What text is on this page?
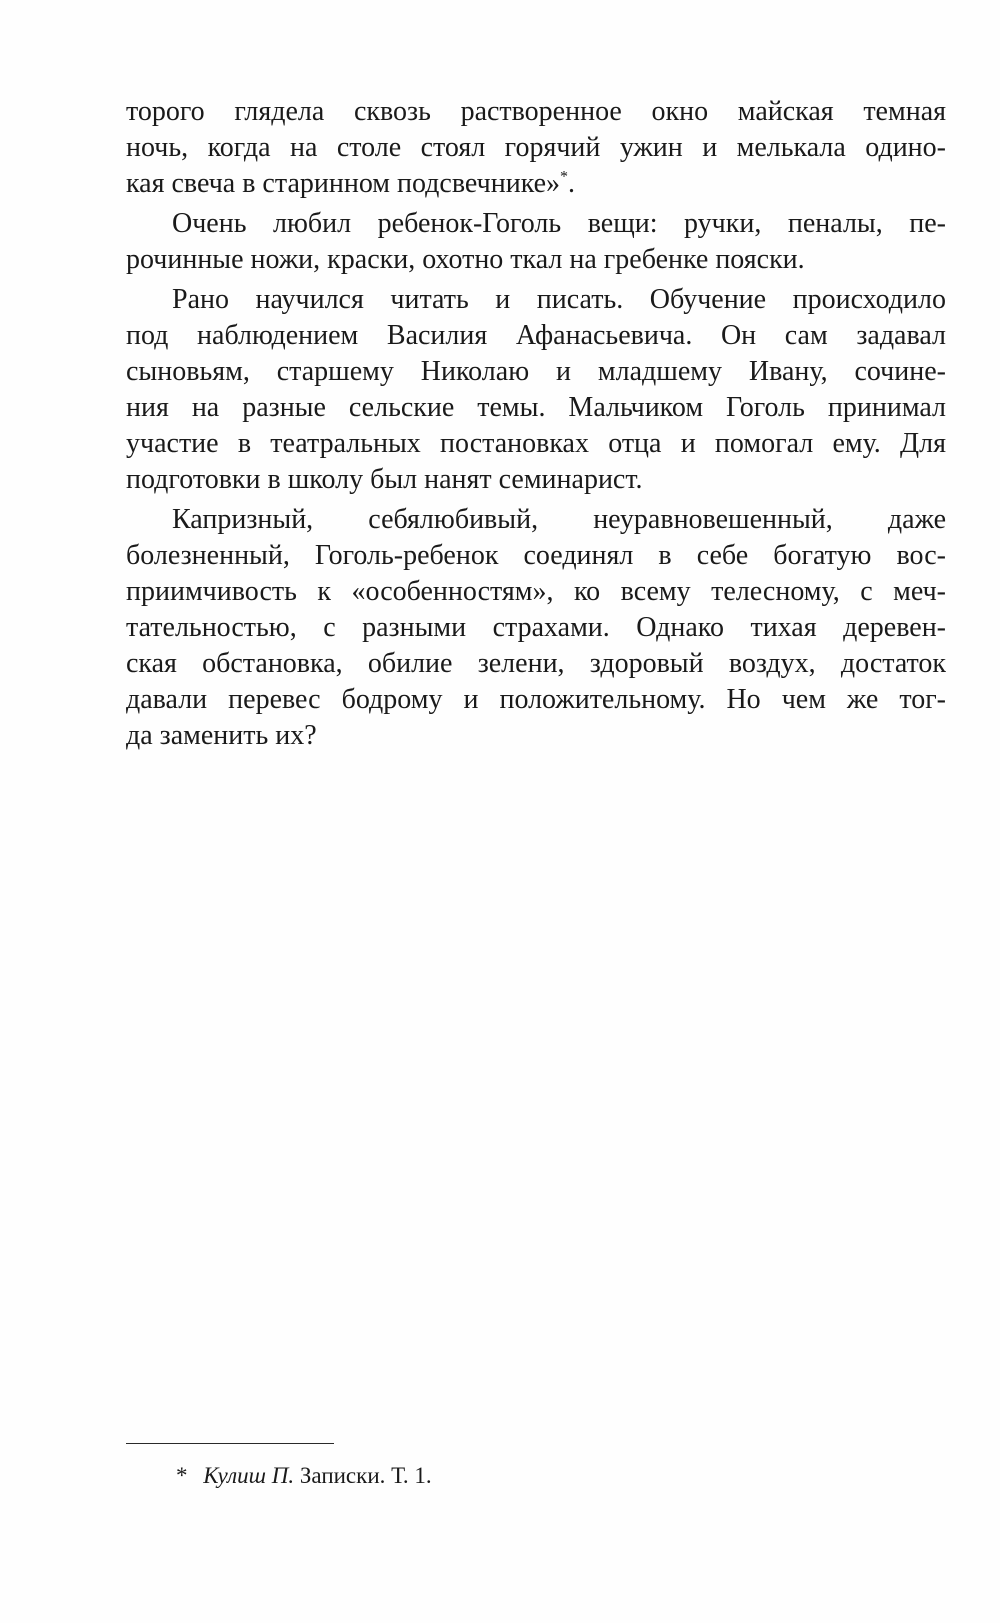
торого глядела сквозь растворенное окно майская темная
ночь, когда на столе стоял горячий ужин и мелькала одино-
кая свеча в старинном подсвечнике»*.
Очень любил ребенок-Гоголь вещи: ручки, пеналы, пе-
рочинные ножи, краски, охотно ткал на гребенке пояски.
Рано научился читать и писать. Обучение происходило
под наблюдением Василия Афанасьевича. Он сам задавал
сыновьям, старшему Николаю и младшему Ивану, сочине-
ния на разные сельские темы. Мальчиком Гоголь принимал
участие в театральных постановках отца и помогал ему. Для
подготовки в школу был нанят семинарист.
Капризный, себялюбивый, неуравновешенный, даже
болезненный, Гоголь-ребенок соединял в себе богатую вос-
приимчивость к «особенностям», ко всему телесному, с меч-
тательностью, с разными страхами. Однако тихая деревен-
ская обстановка, обилие зелени, здоровый воздух, достаток
давали перевес бодрому и положительному. Но чем же тог-
да заменить их?
* Кулиш П. Записки. Т. 1.
